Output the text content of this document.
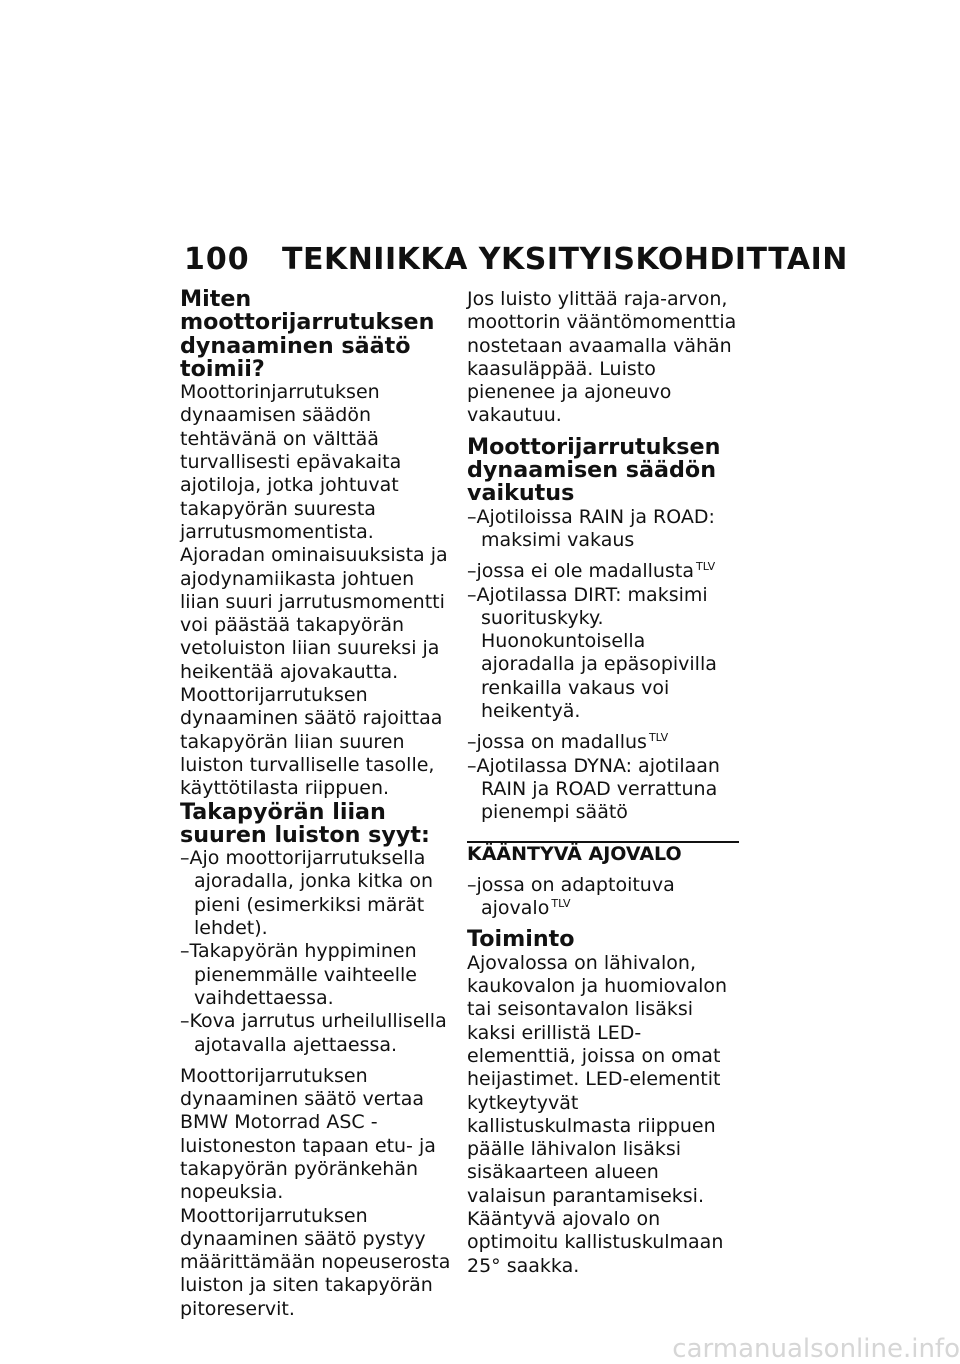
100 TEKNIIKKA YKSITYISKOHDITTAIN
Miten moottorijarrutuksen dynaaminen säätö toimii?

Moottorinjarrutuksen dynaamisen säädön tehtävänä on välttää turvallisesti epävakaita ajotiloja, jotka johtuvat takapyörän suuresta jarrutusmomentista. Ajoradan ominaisuuksista ja ajodynamiikasta johtuen liian suuri jarrutusmomentti voi päästää takapyörän vetoluiston liian suureksi ja heikentää ajovakautta. Moottorijarrutuksen dynaaminen säätö rajoittaa takapyörän liian suuren luiston turvalliselle tasolle, käyttötilasta riippuen.

Takapyörän liian suuren luiston syyt:
– Ajo moottorijarrutuksella ajoradalla, jonka kitka on pieni (esimerkiksi märät lehdet).
– Takapyörän hyppiminen pienemmälle vaihteelle vaihdettaessa.
– Kova jarrutus urheilullisella ajotavalla ajettaessa.

Moottorijarrutuksen dynaaminen säätö vertaa BMW Motorrad ASC -luistoneston tapaan etu- ja takapyörän pyöränkehän nopeuksia. Moottorijarrutuksen dynaaminen säätö pystyy määrittämään nopeuserosta luiston ja siten takapyörän pitoreservit.

Jos luisto ylittää raja-arvon, moottorin vääntömomenttia nostetaan avaamalla vähän kaasuläppää. Luisto pienenee ja ajoneuvo vakautuu.

Moottorijarrutuksen dynaamisen säädön vaikutus
– Ajotiloissa RAIN ja ROAD: maksimi vakaus
– jossa ei ole madallusta $^{TLV}$
– Ajotilassa DIRT: maksimi suorituskyky. Huonokuntoisella ajoradalla ja epäsopivilla renkailla vakaus voi heikentyä.
– jossa on madallus $^{TLV}$
– Ajotilassa DYNA: ajotilaan RAIN ja ROAD verrattuna pienempi säätö
KÄÄNTYVÄ AJOVALO
– jossa on adaptoituva ajovalo $^{TLV}$
Toiminto

Ajovalossa on lähivalon, kaukovalon ja huomiovalon tai seisontavalon lisäksi kaksi erillistä LED-elementtiä, joissa on omat heijastimet. LED-elementit kytkeytyvät kallistuskulmasta riippuen päälle lähivalon lisäksi sisäkaarteen alueen valaisun parantamiseksi. Kääntyvä ajovalo on optimoitu kallistuskulmaan 25° saakka.

carmanualsonline.info
